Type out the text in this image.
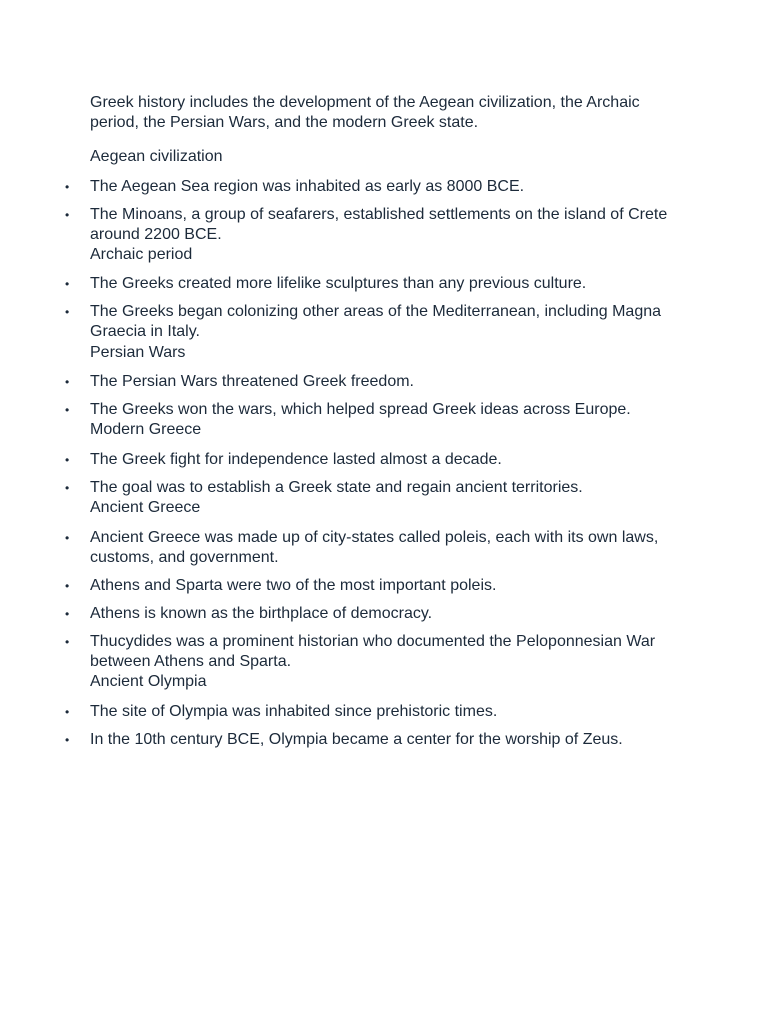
Greek history includes the development of the Aegean civilization, the Archaic period, the Persian Wars, and the modern Greek state.

Aegean civilization

• The Aegean Sea region was inhabited as early as 8000 BCE.

• The Minoans, a group of seafarers, established settlements on the island of Crete around 2200 BCE.

Archaic period

• The Greeks created more lifelike sculptures than any previous culture.

• The Greeks began colonizing other areas of the Mediterranean, including Magna Graecia in Italy.

Persian Wars

• The Persian Wars threatened Greek freedom.

• The Greeks won the wars, which helped spread Greek ideas across Europe.

Modern Greece

• The Greek fight for independence lasted almost a decade.

• The goal was to establish a Greek state and regain ancient territories.

Ancient Greece

• Ancient Greece was made up of city-states called poleis, each with its own laws, customs, and government.

• Athens and Sparta were two of the most important poleis.

• Athens is known as the birthplace of democracy.

• Thucydides was a prominent historian who documented the Peloponnesian War between Athens and Sparta.

Ancient Olympia

• The site of Olympia was inhabited since prehistoric times.

• In the 10th century BCE, Olympia became a center for the worship of Zeus.
